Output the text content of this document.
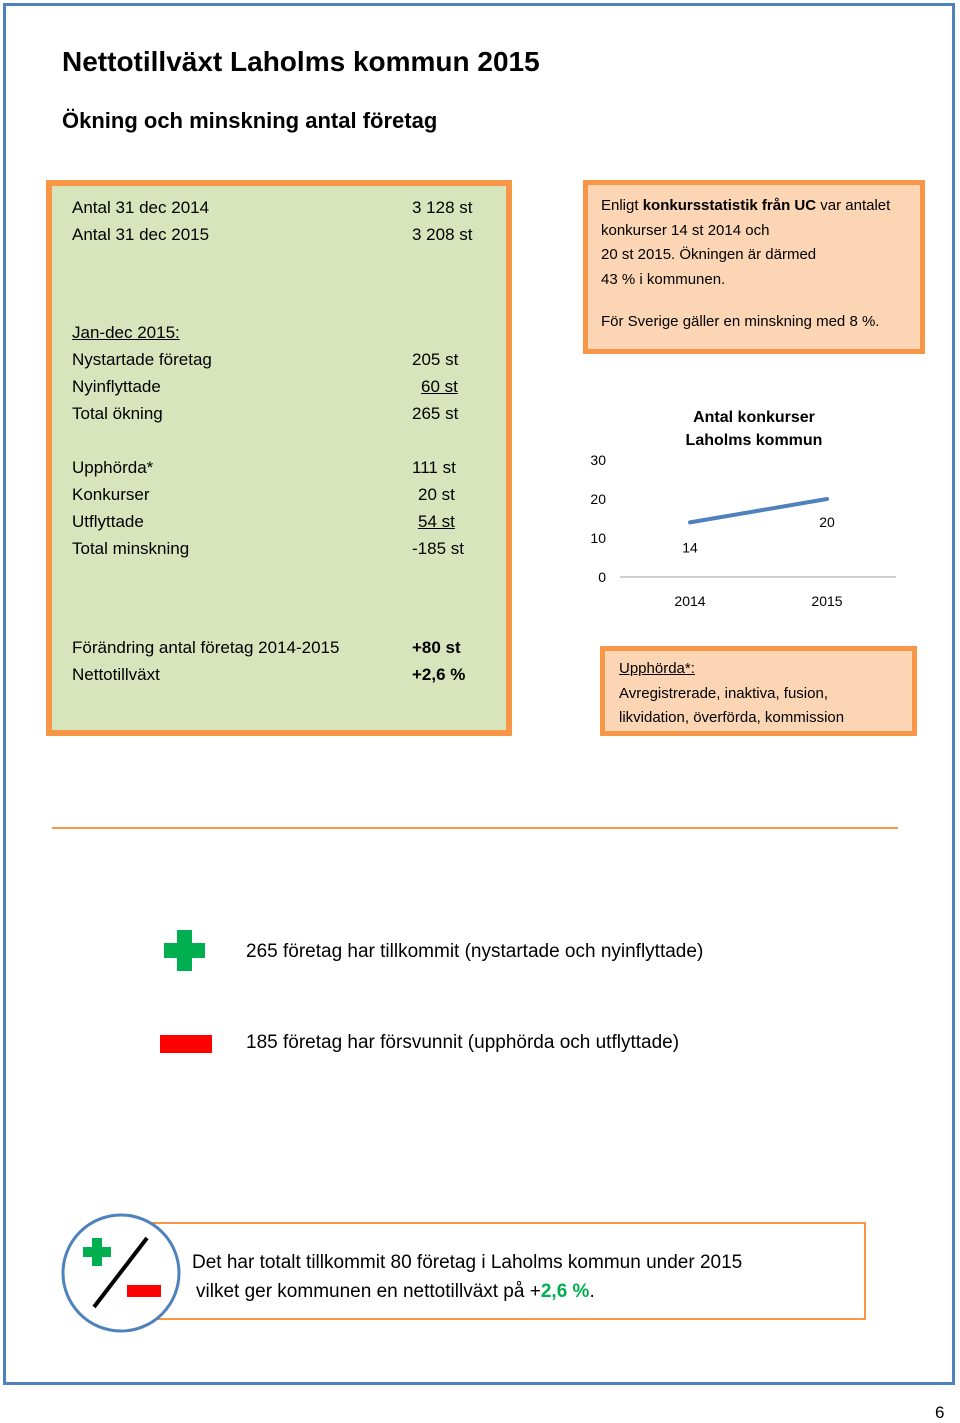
Nettotillväxt Laholms kommun 2015
Ökning och minskning antal företag
Antal 31 dec 2014	3 128 st
Antal 31 dec 2015	3 208 st
Jan-dec 2015:
Nystartade företag	205 st
Nyinflyttade	60 st
Total ökning	265 st
Upphörda*	111 st
Konkurser	20 st
Utflyttade	54 st
Total minskning	-185 st
Förändring antal företag 2014-2015	+80 st
Nettotillväxt	+2,6 %

Enligt konkursstatistik från UC var antalet

konkurser 14 st 2014 och

20 st 2015. Ökningen är därmed

43 % i kommunen.

För Sverige gäller en minskning med 8 %.

Antal konkurser
Laholms kommun
0
10
20
30
2014	2015
14
20
Upphörda*:
Avregistrerade, inaktiva, fusion,
likvidation, överförda, kommission
265 företag har tillkommit (nystartade och nyinflyttade)
185 företag har försvunnit (upphörda och utflyttade)
Det har totalt tillkommit 80 företag i Laholms kommun under 2015
vilket ger kommunen en nettotillväxt på +2,6 %.
6
